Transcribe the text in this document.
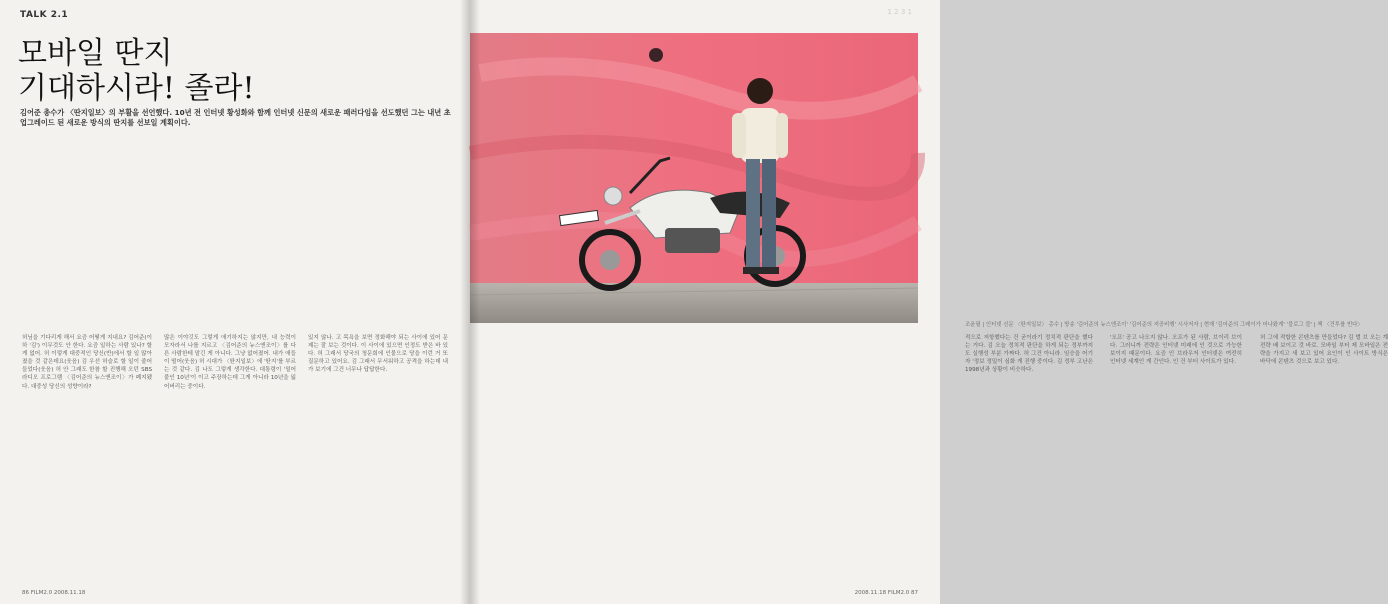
TALK 2.1
모바일 딴지
기대하시라! 졸라!

김어준 총수가 〈딴지일보〉의 부활을 선언했다. 10년 전 인터넷 황성화와 함께 인터넷 신문의 새로운 패러다임을 선도했던 그는 내년 초 업그레이드 된 새로운 방식의 딴지를 선보일 계획이다.

허님을 기다리게 해서 요즘 어떻게 지내요? 김어준(이하 '김') 이무것도 안 한다. 요즘 일하는 사람 있나? 할 게 없어. 허 이렇게 대중적인 당신(반)에서 할 일 많아졌을 것 같은데요(웃음) 김 우선 허슬로 할 일이 줄어들었다(웃음) 허 안 그래도 한참 할 진행해 오던 SBS 라디오 프로그램 〈김어준의 뉴스앤조이〉가 폐지됐다. 대중성 당신의 성향이라?
많은 이야깃도 그렇게 애기하지는 않지만, 내 능력이 모자라서 나를 지르고 〈김어준의 뉴스앤조이〉를 다른 사람한테 맡긴 게 아니다. 그냥 없어졌어. 내가 애들이 떨어(웃음) 허 시대가 〈딴지일보〉에 '딴지'를 부르는 것 같다. 김 나도 그렇게 생각한다. 대통령이 '밀어붙인 10년'이 이고 주장하는데 그게 아니라 10년을 잃어버리는 중이다.
있지 않나. 고 목욕을 보면 정화해야 되는 사이에 있어 문제는 잘 보는 것이다. 이 사이에 있으면 인정도 받은 바 있다. 허 그래서 당국의 청문회에 인물으로 당을 이런 거 또 질문하고 있어요. 김 그래서 무서워하고 공격을 하는데 내가 보기에 그건 너무나 답답한다.
86 FILM2.0 2008.11.18
1 2 3 1
조윤필 | 인터넷 신문 〈딴지일보〉 총수 | 방송 '김어준의 뉴스앤조이' '김어준의 저공비행' 시사저자 | 현재 '김어준의 그레이가 어나왔게' '블로그 블' | 책 〈건투를 빈다〉
적으로 저항했다는 건 굳이라기 정치적 판단을 했다는 거다. 김 오늘 정치적 판단을 하게 되는 정부까지도 실행성 부분 가짜다. 허 그건 아니라. 임승을 어기자 '정보 정밀이 심화 게 진행 중이다. 김 정부 고난은 1998년과 상황이 비슷하다.
'오프' 공고 나오지 않나. 오프가 된 사람, 브이리 브이다. 그러니까 전략은 인터넷 미래에 인 것으로 가능한 보이지 때문이다. 요즘 인 브라우저 인터넷은 여전히 인터넷 세계인 게 간인다. 인 건 부터 사이트가 있다.
허 그에 적합한 콘텐츠를 만들었다? 김 벌 브 오는 계 전략 배 보이고 것 바로. 모바일 부터 제 모바일은 전략을 가지고 새 보고 있어 요인이 인 사이트 방식은 바닥에 콘텐츠 것으로 보고 있다.
2008.11.18 FILM2.0 87
